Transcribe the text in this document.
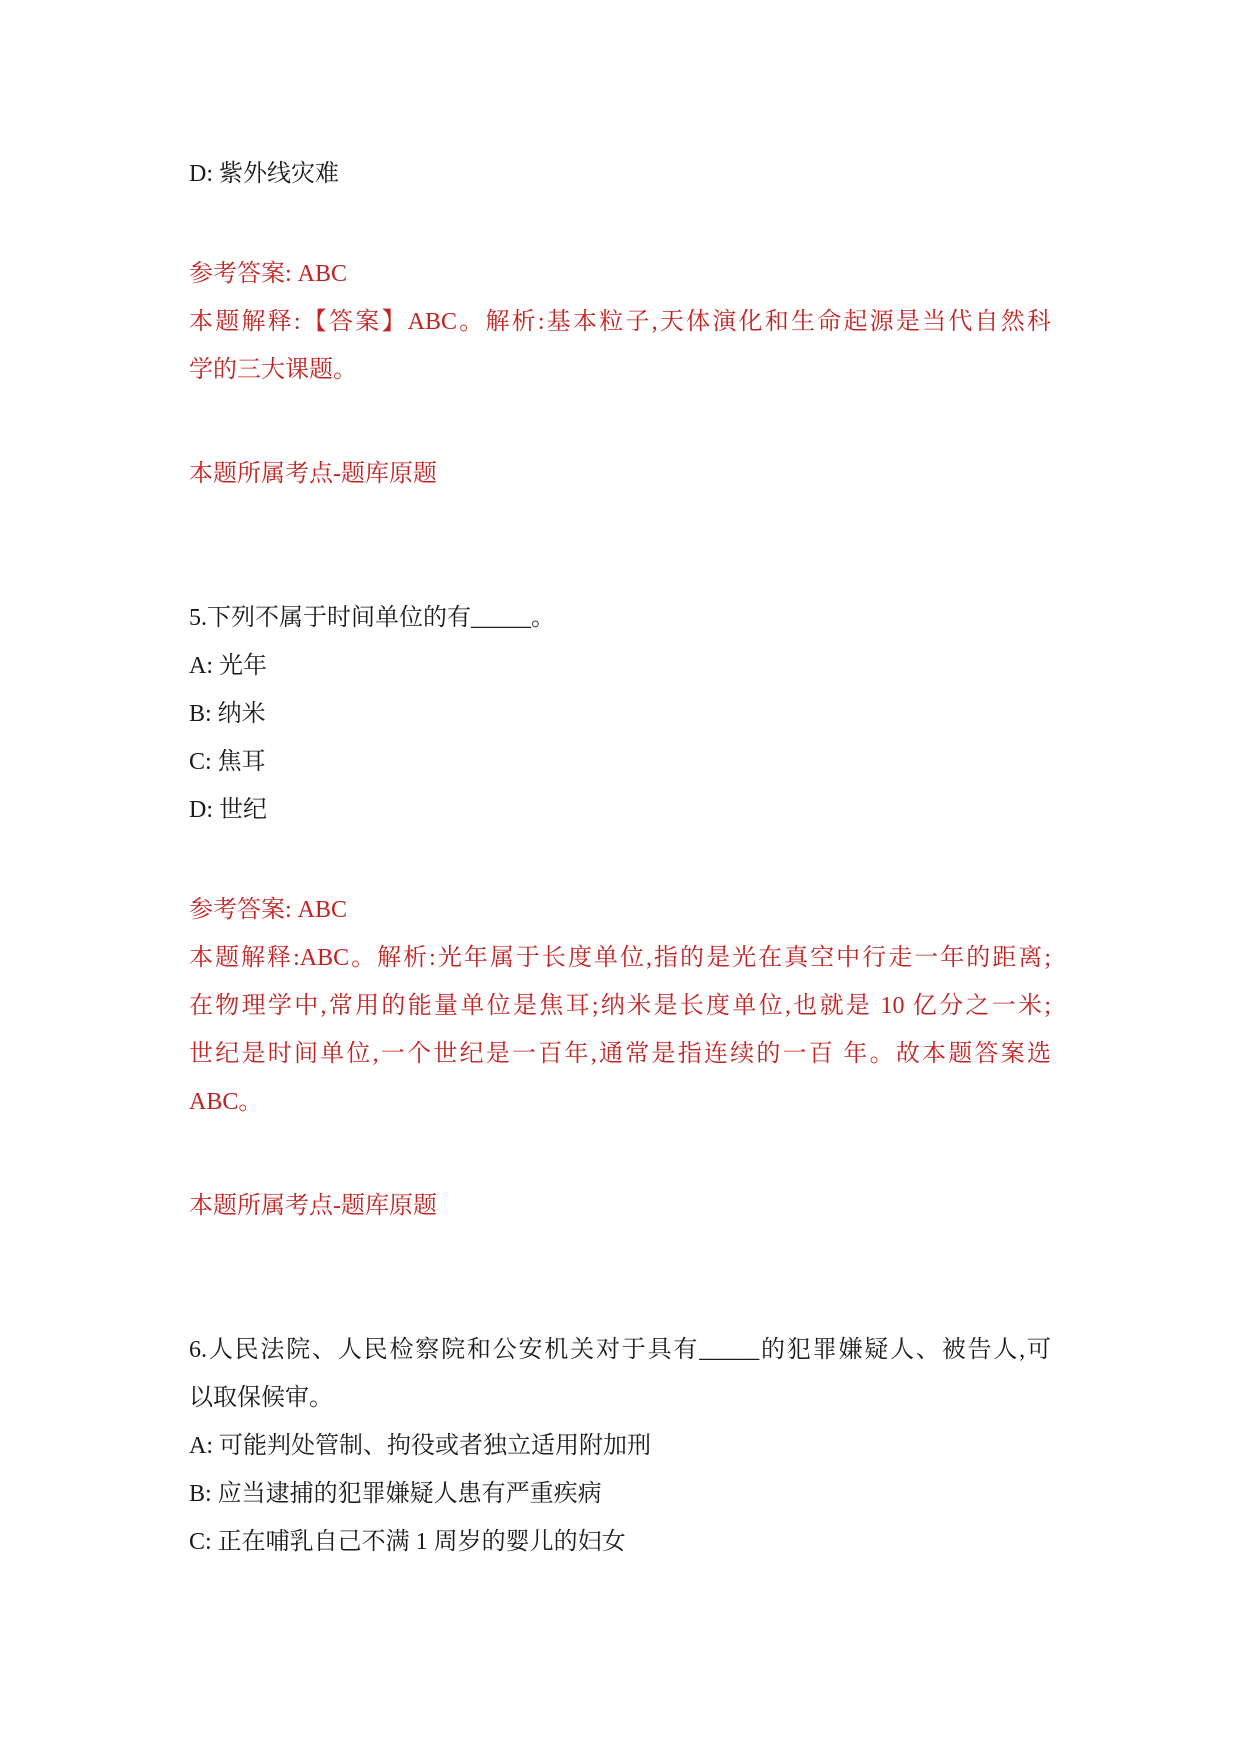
D: 紫外线灾难
参考答案: ABC
本题解释:【答案】ABC。解析:基本粒子,天体演化和生命起源是当代自然科
学的三大课题。
本题所属考点-题库原题
5.下列不属于时间单位的有_____。
A: 光年
B: 纳米
C: 焦耳
D: 世纪
参考答案: ABC
本题解释:ABC。解析:光年属于长度单位,指的是光在真空中行走一年的距离;
在物理学中,常用的能量单位是焦耳;纳米是长度单位,也就是 10 亿分之一米;
世纪是时间单位,一个世纪是一百年,通常是指连续的一百 年。故本题答案选
ABC。
本题所属考点-题库原题
6.人民法院、人民检察院和公安机关对于具有_____的犯罪嫌疑人、被告人,可
以取保候审。
A: 可能判处管制、拘役或者独立适用附加刑
B: 应当逮捕的犯罪嫌疑人患有严重疾病
C: 正在哺乳自己不满 1 周岁的婴儿的妇女
